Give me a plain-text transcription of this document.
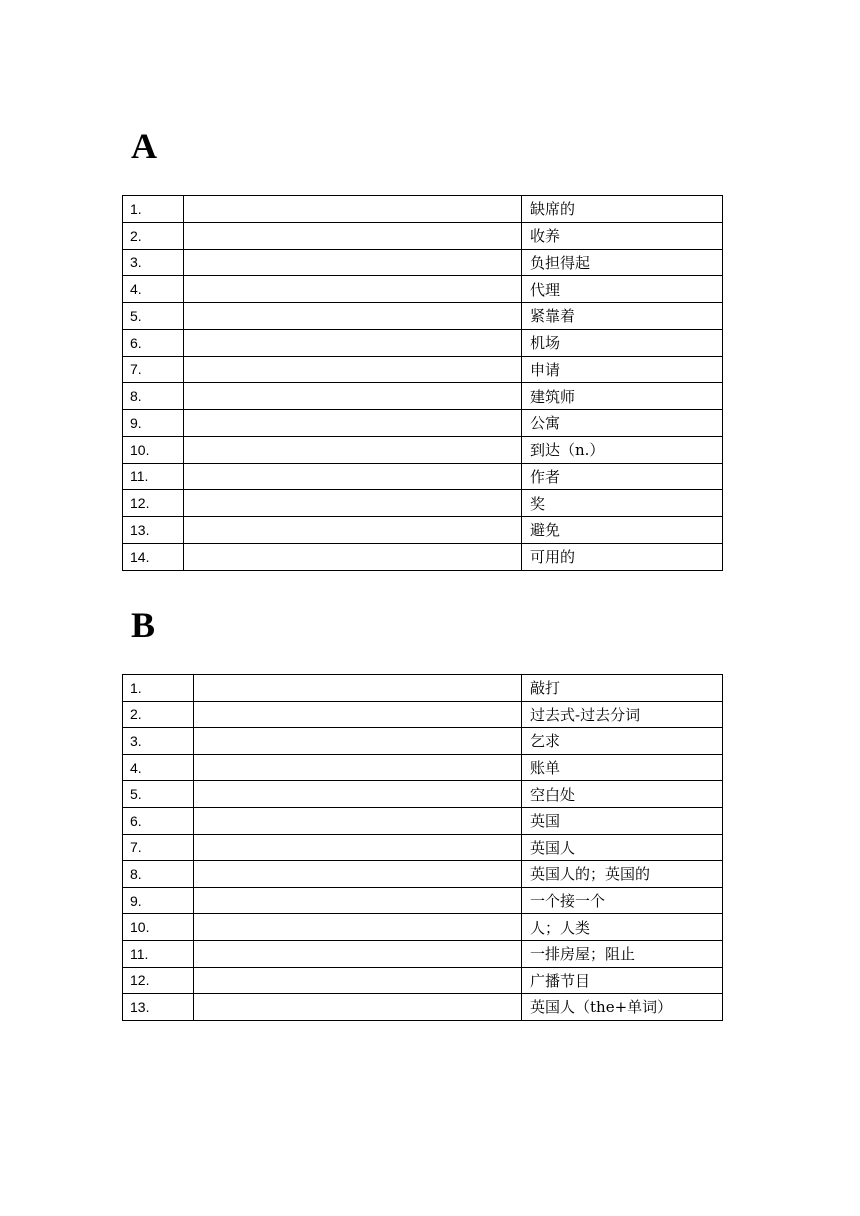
A
1.		缺席的
2.		收养
3.		负担得起
4.		代理
5.		紧靠着
6.		机场
7.		申请
8.		建筑师
9.		公寓
10.		到达（n.）
11.		作者
12.		奖
13.		避免
14.		可用的
B
1.		敲打
2.		过去式-过去分词
3.		乞求
4.		账单
5.		空白处
6.		英国
7.		英国人
8.		英国人的；英国的
9.		一个接一个
10.		人；人类
11.		一排房屋；阻止
12.		广播节目
13.		英国人（the+单词）
